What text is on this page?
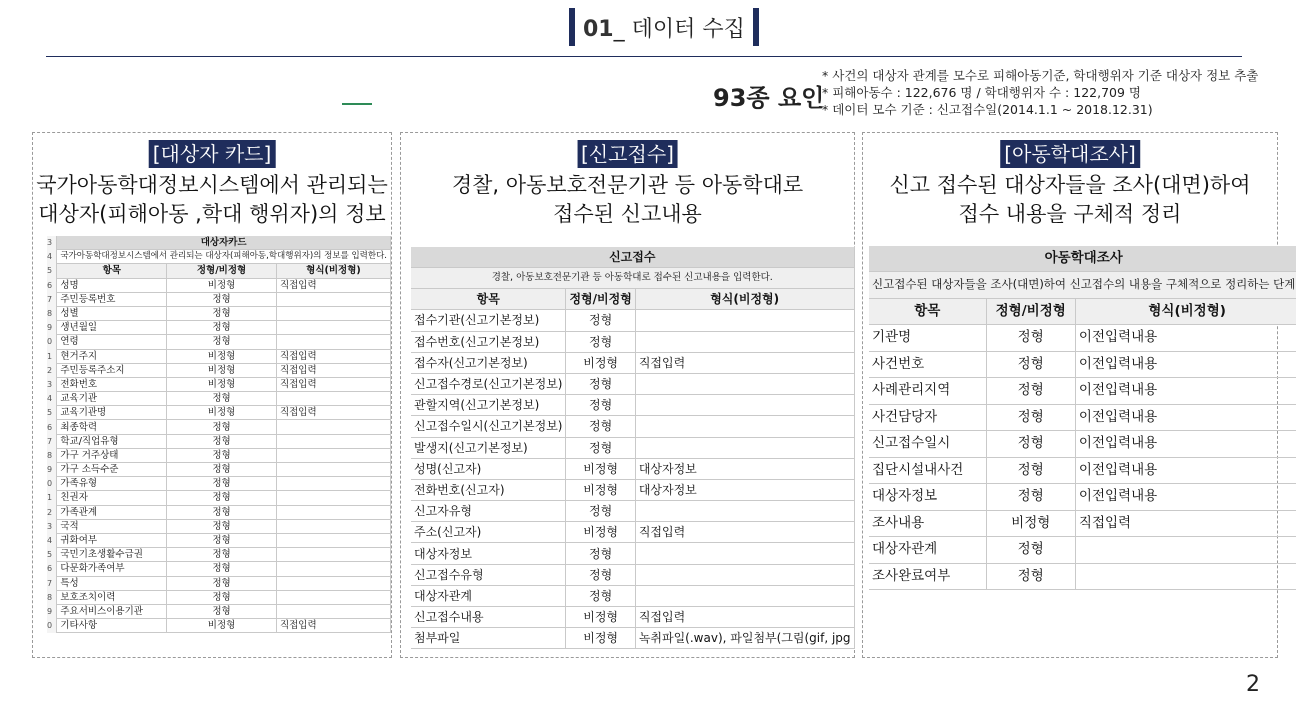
01_ 데이터 수집
93종 요인
* 사건의 대상자 관계를 모수로 피해아동기준, 학대행위자 기준 대상자 정보 추출
* 피해아동수 : 122,676 명 / 학대행위자 수 : 122,709 명
* 데이터 모수 기준 : 신고접수일(2014.1.1 ~ 2018.12.31)
[대상자 카드]
국가아동학대정보시스템에서 관리되는
대상자(피해아동 ,학대 행위자)의 정보
3	대상자카드		
4	국가아동학대정보시스템에서 관리되는 대상자(피해아동,학대행위자)의 정보를 입력한다.		
5	항목	정형/비정형	형식(비정형)
6	성명	비정형	직접입력
7	주민등록번호	정형	
8	성별	정형	
9	생년월일	정형	
0	연령	정형	
1	현거주지	비정형	직접입력
2	주민등록주소지	비정형	직접입력
3	전화번호	비정형	직접입력
4	교육기관	정형	
5	교육기관명	비정형	직접입력
6	최종학력	정형	
7	학교/직업유형	정형	
8	가구 거주상태	정형	
9	가구 소득수준	정형	
0	가족유형	정형	
1	친권자	정형	
2	가족관계	정형	
3	국적	정형	
4	귀화여부	정형	
5	국민기초생활수급권	정형	
6	다문화가족여부	정형	
7	특성	정형	
8	보호조치이력	정형	
9	주요서비스이용기관	정형	
0	기타사항	비정형	직접입력
[신고접수]
경찰, 아동보호전문기관 등 아동학대로
접수된 신고내용
	신고접수		
	경찰, 아동보호전문기관 등 아동학대로 접수된 신고내용을 입력한다.		
	항목	정형/비정형	형식(비정형)
	접수기관(신고기본정보)	정형	
	접수번호(신고기본정보)	정형	
	접수자(신고기본정보)	비정형	직접입력
	신고접수경로(신고기본정보)	정형	
	관할지역(신고기본정보)	정형	
	신고접수일시(신고기본정보)	정형	
	발생지(신고기본정보)	정형	
	성명(신고자)	비정형	대상자정보
	전화번호(신고자)	비정형	대상자정보
	신고자유형	정형	
	주소(신고자)	비정형	직접입력
	대상자정보	정형	
	신고접수유형	정형	
	대상자관계	정형	
	신고접수내용	비정형	직접입력
	첨부파일	비정형	녹취파일(.wav), 파일첨부(그림(gif, jpg
[아동학대조사]
신고 접수된 대상자들을 조사(대면)하여
접수 내용을 구체적 정리
아동학대조사		
신고접수된 대상자들을 조사(대면)하여 신고접수의 내용을 구체적으로 정리하는 단계		
항목	정형/비정형	형식(비정형)
기관명	정형	이전입력내용
사건번호	정형	이전입력내용
사례관리지역	정형	이전입력내용
사건담당자	정형	이전입력내용
신고접수일시	정형	이전입력내용
집단시설내사건	정형	이전입력내용
대상자정보	정형	이전입력내용
조사내용	비정형	직접입력
대상자관계	정형	
조사완료여부	정형	
2
